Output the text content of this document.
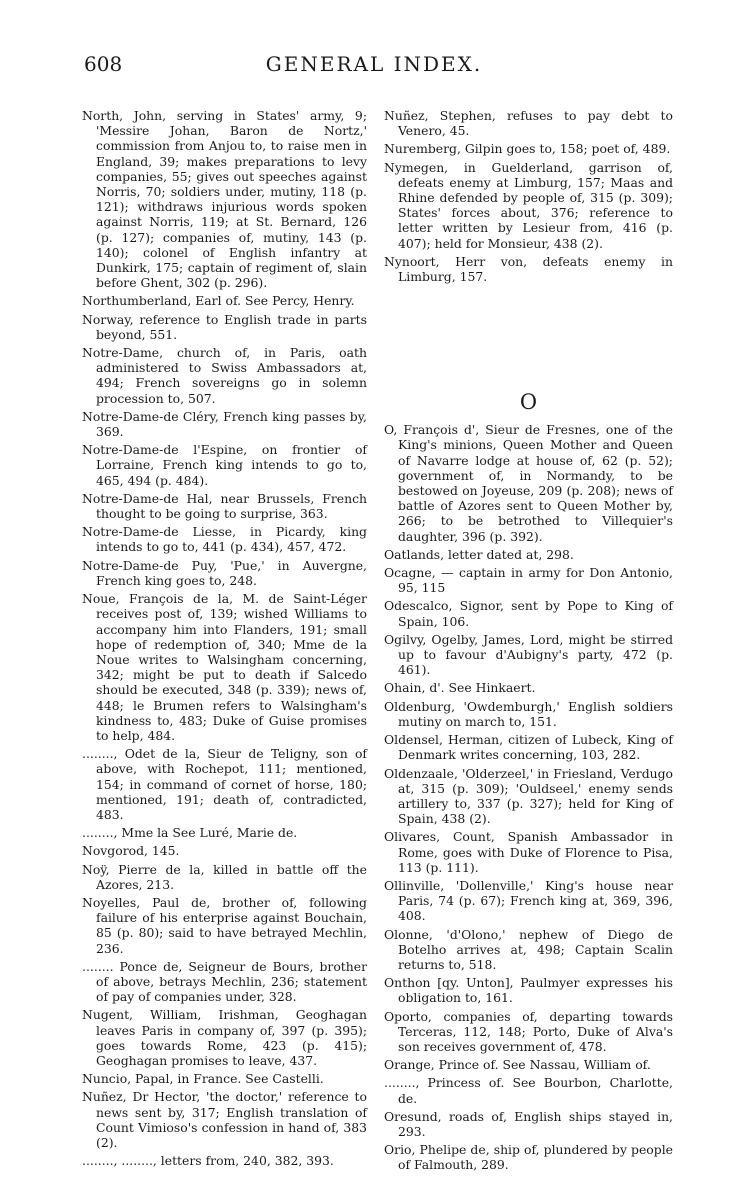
608	GENERAL INDEX.

North, John, serving in States' army, 9; 'Messire Johan, Baron de Nortz,' commission from Anjou to, to raise men in England, 39; makes preparations to levy companies, 55; gives out speeches against Norris, 70; soldiers under, mutiny, 118 (p. 121); withdraws injurious words spoken against Norris, 119; at St. Bernard, 126 (p. 127); companies of, mutiny, 143 (p. 140); colonel of English infantry at Dunkirk, 175; captain of regiment of, slain before Ghent, 302 (p. 296).

Northumberland, Earl of. See Percy, Henry.

Norway, reference to English trade in parts beyond, 551.

Notre-Dame, church of, in Paris, oath administered to Swiss Ambassadors at, 494; French sovereigns go in solemn procession to, 507.

Notre-Dame-de Cléry, French king passes by, 369.

Notre-Dame-de l'Espine, on frontier of Lorraine, French king intends to go to, 465, 494 (p. 484).

Notre-Dame-de Hal, near Brussels, French thought to be going to surprise, 363.

Notre-Dame-de Liesse, in Picardy, king intends to go to, 441 (p. 434), 457, 472.

Notre-Dame-de Puy, 'Pue,' in Auvergne, French king goes to, 248.

Noue, François de la, M. de Saint-Léger receives post of, 139; wished Williams to accompany him into Flanders, 191; small hope of redemption of, 340; Mme de la Noue writes to Walsingham concerning, 342; might be put to death if Salcedo should be executed, 348 (p. 339); news of, 448; le Brumen refers to Walsingham's kindness to, 483; Duke of Guise promises to help, 484.

........, Odet de la, Sieur de Teligny, son of above, with Rochepot, 111; mentioned, 154; in command of cornet of horse, 180; mentioned, 191; death of, contradicted, 483.

........, Mme la See Luré, Marie de.

Novgorod, 145.

Noÿ, Pierre de la, killed in battle off the Azores, 213.

Noyelles, Paul de, brother of, following failure of his enterprise against Bouchain, 85 (p. 80); said to have betrayed Mechlin, 236.

........ Ponce de, Seigneur de Bours, brother of above, betrays Mechlin, 236; statement of pay of companies under, 328.

Nugent, William, Irishman, Geoghagan leaves Paris in company of, 397 (p. 395); goes towards Rome, 423 (p. 415); Geoghagan promises to leave, 437.

Nuncio, Papal, in France. See Castelli.

Nuñez, Dr Hector, 'the doctor,' reference to news sent by, 317; English translation of Count Vimioso's confession in hand of, 383 (2).

........, ........, letters from, 240, 382, 393.

Nuñez, Stephen, refuses to pay debt to Venero, 45.

Nuremberg, Gilpin goes to, 158; poet of, 489.

Nymegen, in Guelderland, garrison of, defeats enemy at Limburg, 157; Maas and Rhine defended by people of, 315 (p. 309); States' forces about, 376; reference to letter written by Lesieur from, 416 (p. 407); held for Monsieur, 438 (2).

Nynoort, Herr von, defeats enemy in Limburg, 157.

O

O, François d', Sieur de Fresnes, one of the King's minions, Queen Mother and Queen of Navarre lodge at house of, 62 (p. 52); government of, in Normandy, to be bestowed on Joyeuse, 209 (p. 208); news of battle of Azores sent to Queen Mother by, 266; to be betrothed to Villequier's daughter, 396 (p. 392).

Oatlands, letter dated at, 298.

Ocagne, — captain in army for Don Antonio, 95, 115

Odescalco, Signor, sent by Pope to King of Spain, 106.

Ogilvy, Ogelby, James, Lord, might be stirred up to favour d'Aubigny's party, 472 (p. 461).

Ohain, d'. See Hinkaert.

Oldenburg, 'Owdemburgh,' English soldiers mutiny on march to, 151.

Oldensel, Herman, citizen of Lubeck, King of Denmark writes concerning, 103, 282.

Oldenzaale, 'Olderzeel,' in Friesland, Verdugo at, 315 (p. 309); 'Ouldseel,' enemy sends artillery to, 337 (p. 327); held for King of Spain, 438 (2).

Olivares, Count, Spanish Ambassador in Rome, goes with Duke of Florence to Pisa, 113 (p. 111).

Ollinville, 'Dollenville,' King's house near Paris, 74 (p. 67); French king at, 369, 396, 408.

Olonne, 'd'Olono,' nephew of Diego de Botelho arrives at, 498; Captain Scalin returns to, 518.

Onthon [qy. Unton], Paulmyer expresses his obligation to, 161.

Oporto, companies of, departing towards Terceras, 112, 148; Porto, Duke of Alva's son receives government of, 478.

Orange, Prince of. See Nassau, William of.

........, Princess of. See Bourbon, Charlotte, de.

Oresund, roads of, English ships stayed in, 293.

Orio, Phelipe de, ship of, plundered by people of Falmouth, 289.
